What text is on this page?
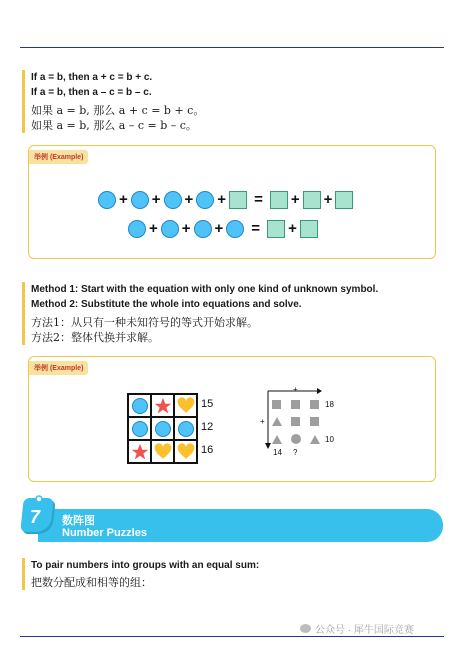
If a = b, then a + c = b + c.
If a = b, then a – c = b – c.
如果 a = b, 那么 a + c = b + c。
如果 a = b, 那么 a – c = b – c。
举例 (Example)
+ + + + = + +
+ + + = +
Method 1: Start with the equation with only one kind of unknown symbol.
Method 2: Substitute the whole into equations and solve.
方法1：从只有一种未知符号的等式开始求解。
方法2：整体代换并求解。
举例 (Example)
15
12
16
+
+
18
10
14 ?
7 数阵图
Number Puzzles
To pair numbers into groups with an equal sum:
把数分配成和相等的组：
公众号 · 犀牛国际竞赛
